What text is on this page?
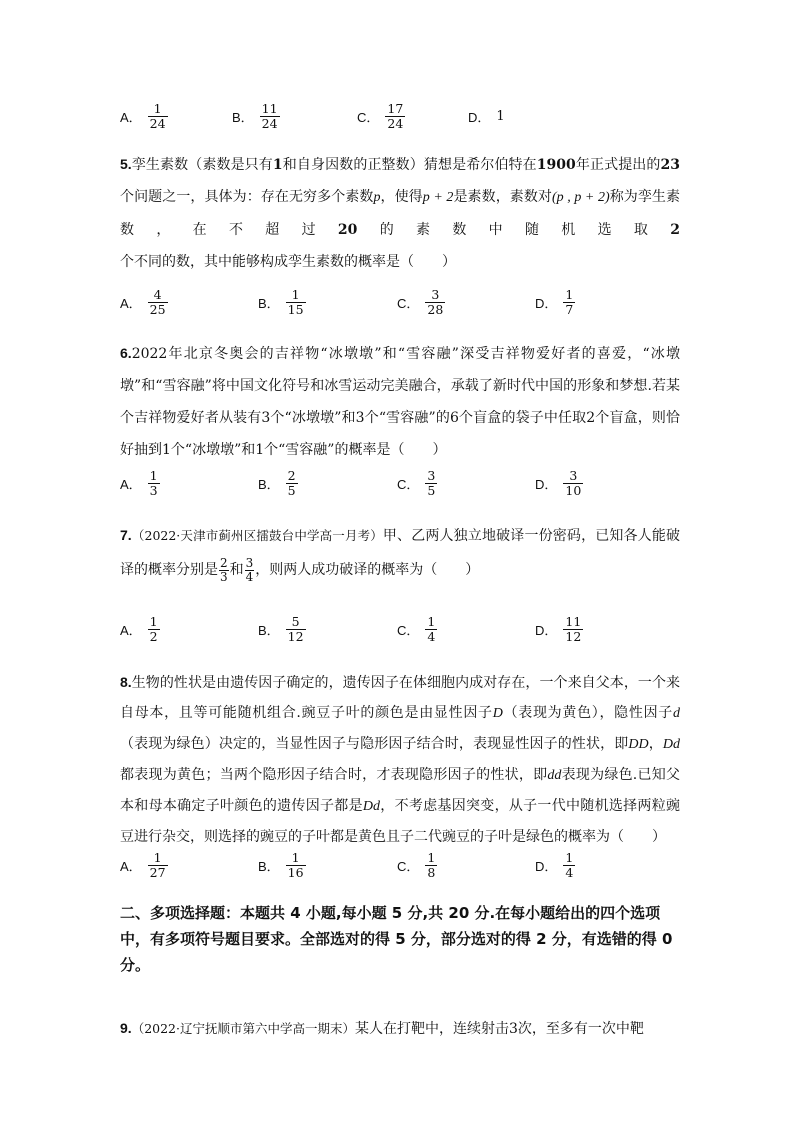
A． $\frac{1}{24}$	B． $\frac{11}{24}$	C． $\frac{17}{24}$	D． 1
5.孪生素数（素数是只有1和自身因数的正整数）猜想是希尔伯特在1900年正式提出的23个问题之一，具体为：存在无穷多个素数p，使得p + 2是素数，素数对(p , p + 2)称为孪生素数，在不超过20的素数中随机选取2个不同的数，其中能够构成孪生素数的概率是（　　）
A． $\frac{4}{25}$	B． $\frac{1}{15}$	C． $\frac{3}{28}$	D． $\frac{1}{7}$
6.2022年北京冬奥会的吉祥物“冰墩墩”和“雪容融”深受吉祥物爱好者的喜爱，“冰墩墩”和“雪容融”将中国文化符号和冰雪运动完美融合，承载了新时代中国的形象和梦想.若某个吉祥物爱好者从装有3个“冰墩墩”和3个“雪容融”的6个盲盒的袋子中任取2个盲盒，则恰好抽到1个“冰墩墩”和1个“雪容融”的概率是（　　）
A． $\frac{1}{3}$	B． $\frac{2}{5}$	C． $\frac{3}{5}$	D． $\frac{3}{10}$
7.（2022·天津市蓟州区擂鼓台中学高一月考）甲、乙两人独立地破译一份密码，已知各人能破译的概率分别是 $\frac{2}{3}$ 和 $\frac{3}{4}$ ，则两人成功破译的概率为（　　）
A． $\frac{1}{2}$	B． $\frac{5}{12}$	C． $\frac{1}{4}$	D． $\frac{11}{12}$
8.生物的性状是由遗传因子确定的，遗传因子在体细胞内成对存在，一个来自父本，一个来自母本，且等可能随机组合.豌豆子叶的颜色是由显性因子D（表现为黄色），隐性因子d（表现为绿色）决定的，当显性因子与隐形因子结合时，表现显性因子的性状，即DD，Dd都表现为黄色；当两个隐形因子结合时，才表现隐形因子的性状，即dd表现为绿色.已知父本和母本确定子叶颜色的遗传因子都是Dd，不考虑基因突变，从子一代中随机选择两粒豌豆进行杂交，则选择的豌豆的子叶都是黄色且子二代豌豆的子叶是绿色的概率为（　　）
A． $\frac{1}{27}$	B． $\frac{1}{16}$	C． $\frac{1}{8}$	D． $\frac{1}{4}$
二、多项选择题：本题共 4 小题,每小题 5 分,共 20 分.在每小题给出的四个选项中，有多项符号题目要求。全部选对的得 5 分，部分选对的得 2 分，有选错的得 0 分。
9.（2022·辽宁抚顺市第六中学高一期末）某人在打靶中，连续射击3次，至多有一次中靶
